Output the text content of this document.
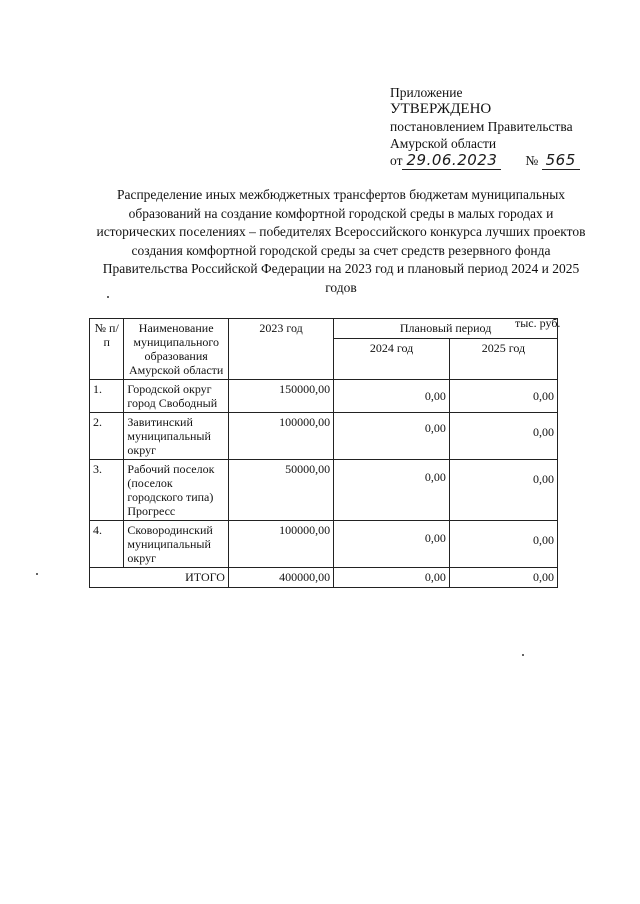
Приложение
УТВЕРЖДЕНО
постановлением Правительства
Амурской области
от 29.06.2023 № 565
Распределение иных межбюджетных трансфертов бюджетам муниципальных образований на создание комфортной городской среды в малых городах и исторических поселениях – победителях Всероссийского конкурса лучших проектов создания комфортной городской среды за счет средств резервного фонда Правительства Российской Федерации на 2023 год и плановый период 2024 и 2025 годов
№ п/п	Наименование муниципального образования Амурской области	2023 год	Плановый период	
			2024 год	2025 год
1.	Городской округ город Свободный	150000,00	0,00	0,00
2.	Завитинский муниципальный округ	100000,00	0,00	0,00
3.	Рабочий поселок (поселок городского типа) Прогресс	50000,00	0,00	0,00
4.	Сковородинский муниципальный округ	100000,00	0,00	0,00
ИТОГО		400000,00	0,00	0,00
тыс. руб.
